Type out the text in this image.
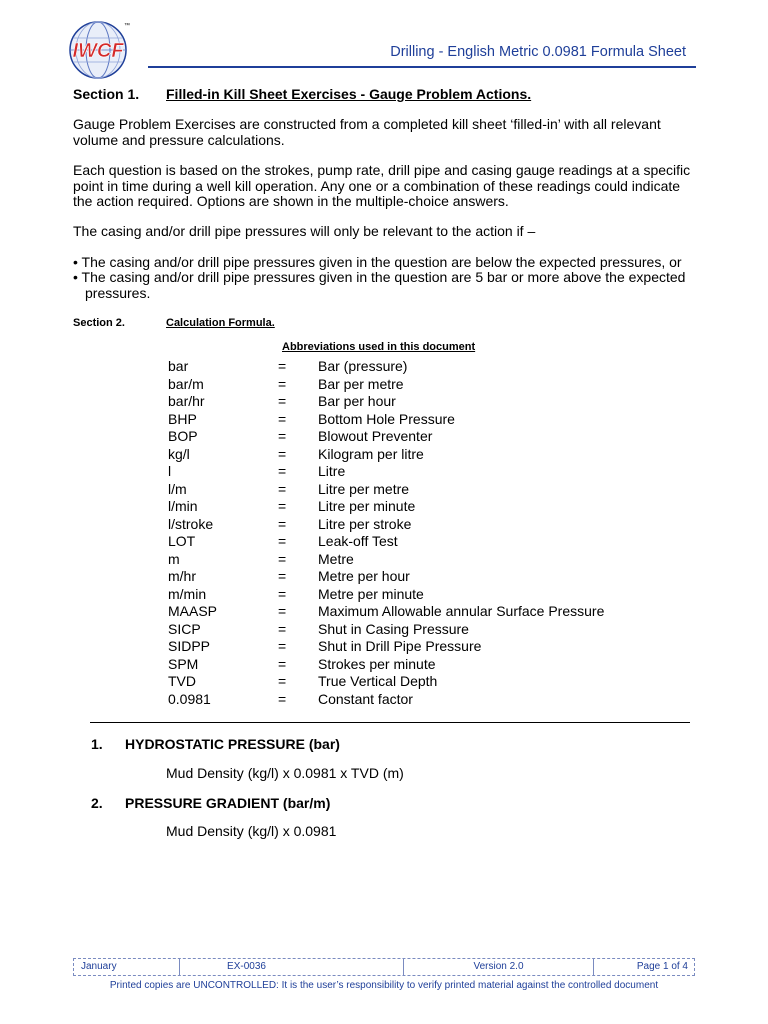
IWCF
™
Drilling - English Metric 0.0981 Formula Sheet
Section 1. Filled-in Kill Sheet Exercises - Gauge Problem Actions.
Gauge Problem Exercises are constructed from a completed kill sheet ‘filled-in’ with all relevant volume and pressure calculations.
Each question is based on the strokes, pump rate, drill pipe and casing gauge readings at a specific point in time during a well kill operation. Any one or a combination of these readings could indicate the action required. Options are shown in the multiple-choice answers.
The casing and/or drill pipe pressures will only be relevant to the action if –
• The casing and/or drill pipe pressures given in the question are below the expected pressures, or
• The casing and/or drill pipe pressures given in the question are 5 bar or more above the expected pressures.
Section 2.	Calculation Formula.
Abbreviations used in this document
bar	= Bar (pressure)
bar/m	= Bar per metre
bar/hr	= Bar per hour
BHP	= Bottom Hole Pressure
BOP	= Blowout Preventer
kg/l	= Kilogram per litre
l	= Litre
l/m	= Litre per metre
l/min	= Litre per minute
l/stroke	= Litre per stroke
LOT	= Leak-off Test
m	= Metre
m/hr	= Metre per hour
m/min	= Metre per minute
MAASP	= Maximum Allowable annular Surface Pressure
SICP	= Shut in Casing Pressure
SIDPP	= Shut in Drill Pipe Pressure
SPM	= Strokes per minute
TVD	= True Vertical Depth
0.0981	= Constant factor
1. HYDROSTATIC PRESSURE (bar)
Mud Density (kg/l) x 0.0981 x TVD (m)
2. PRESSURE GRADIENT (bar/m)
Mud Density (kg/l) x 0.0981
January	EX-0036	Version 2.0	Page 1 of 4
Printed copies are UNCONTROLLED: It is the user’s responsibility to verify printed material against the controlled document
